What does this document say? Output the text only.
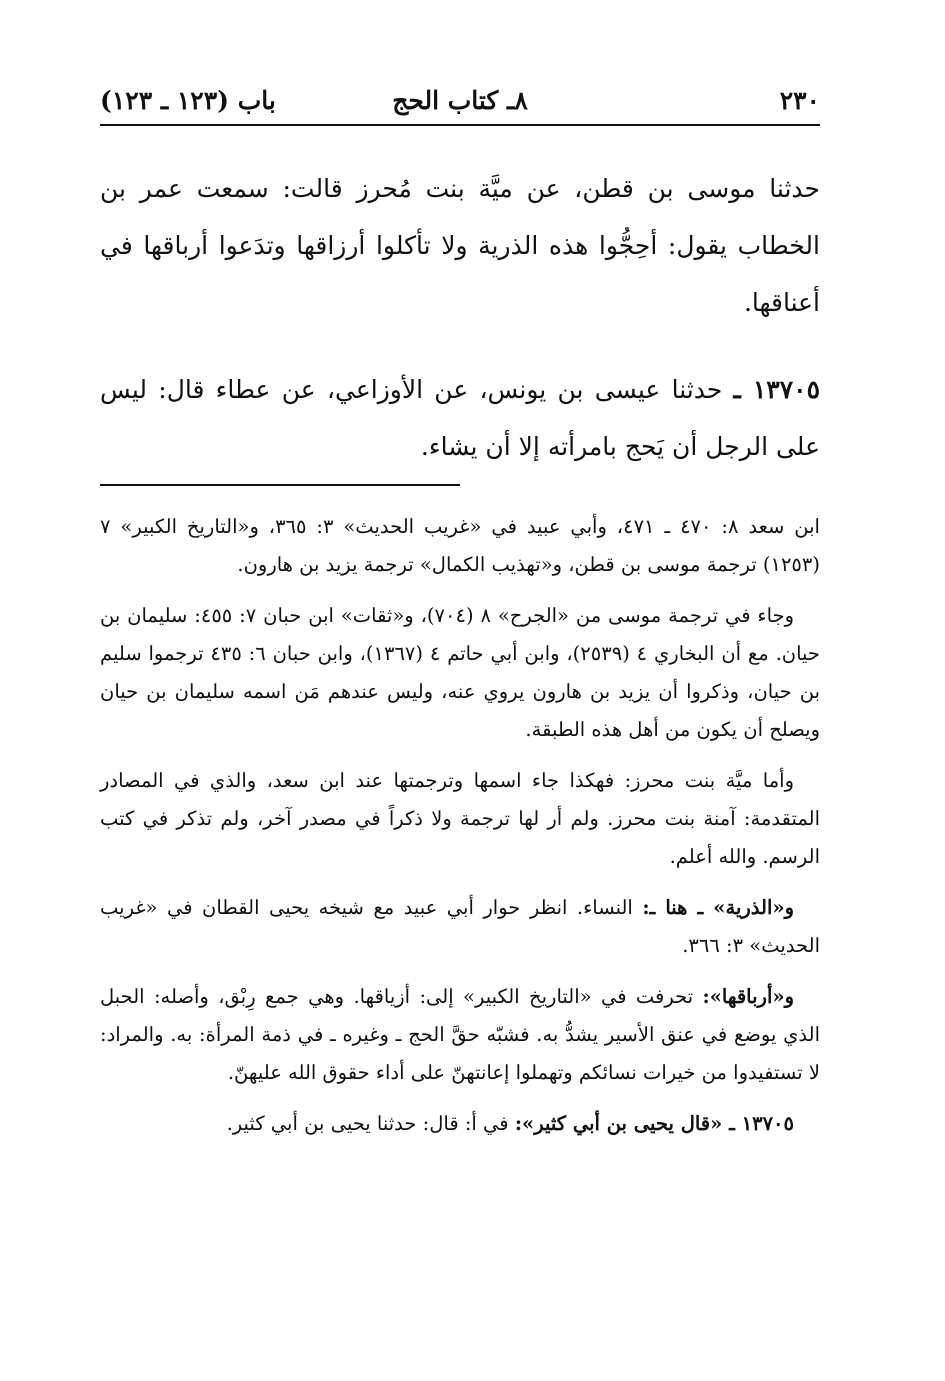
٢٣٠
٨ـ كتاب الحج
باب (١٢٣ ـ ١٢٣)

حدثنا موسى بن قطن، عن ميَّة بنت مُحرز قالت: سمعت عمر بن الخطاب يقول: أحِجُّوا هذه الذرية ولا تأكلوا أرزاقها وتدَعوا أرباقها في أعناقها.

١٣٧٠٥ ـ حدثنا عيسى بن يونس، عن الأوزاعي، عن عطاء قال: ليس على الرجل أن يَحج بامرأته إلا أن يشاء.

ابن سعد ٨: ٤٧٠ ـ ٤٧١، وأبي عبيد في «غريب الحديث» ٣: ٣٦٥، و«التاريخ الكبير» ٧ (١٢٥٣) ترجمة موسى بن قطن، و«تهذيب الكمال» ترجمة يزيد بن هارون.

وجاء في ترجمة موسى من «الجرح» ٨ (٧٠٤)، و«ثقات» ابن حبان ٧: ٤٥٥: سليمان بن حيان. مع أن البخاري ٤ (٢٥٣٩)، وابن أبي حاتم ٤ (١٣٦٧)، وابن حبان ٦: ٤٣٥ ترجموا سليم بن حيان، وذكروا أن يزيد بن هارون يروي عنه، وليس عندهم مَن اسمه سليمان بن حيان ويصلح أن يكون من أهل هذه الطبقة.

وأما ميَّة بنت محرز: فهكذا جاء اسمها وترجمتها عند ابن سعد، والذي في المصادر المتقدمة: آمنة بنت محرز. ولم أر لها ترجمة ولا ذكراً في مصدر آخر، ولم تذكر في كتب الرسم. والله أعلم.

و«الذرية» ـ هنا ـ: النساء. انظر حوار أبي عبيد مع شيخه يحيى القطان في «غريب الحديث» ٣: ٣٦٦.

و«أرباقها»: تحرفت في «التاريخ الكبير» إلى: أزياقها. وهي جمع رِبْق، وأصله: الحبل الذي يوضع في عنق الأسير يشدُّ به. فشبّه حقَّ الحج ـ وغيره ـ في ذمة المرأة: به. والمراد: لا تستفيدوا من خيرات نسائكم وتهملوا إعانتهنّ على أداء حقوق الله عليهنّ.

١٣٧٠٥ ـ «قال يحيى بن أبي كثير»: في أ: قال: حدثنا يحيى بن أبي كثير.
